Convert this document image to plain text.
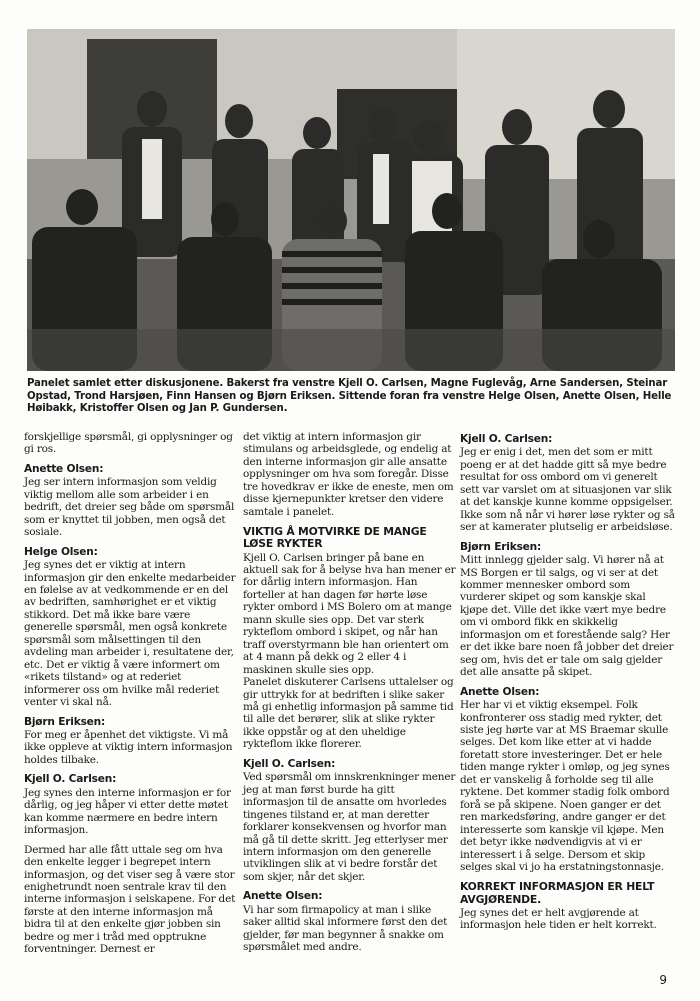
Panelet samlet etter diskusjonene. Bakerst fra venstre Kjell O. Carlsen, Magne Fuglevåg, Arne Sandersen, Steinar Opstad, Trond Harsjøen, Finn Hansen og Bjørn Eriksen. Sittende foran fra venstre Helge Olsen, Anette Olsen, Helle Høibakk, Kristoffer Olsen og Jan P. Gundersen.

forskjellige spørsmål, gi opplysninger og gi ros.

Anette Olsen:

Jeg ser intern informasjon som veldig viktig mellom alle som arbeider i en bedrift, det dreier seg både om spørsmål som er knyttet til jobben, men også det sosiale.

Helge Olsen:

Jeg synes det er viktig at intern informasjon gir den enkelte medarbeider en følelse av at vedkommende er en del av bedriften, samhørighet er et viktig stikkord. Det må ikke bare være generelle spørsmål, men også konkrete spørsmål som målsettingen til den avdeling man arbeider i, resultatene der, etc. Det er viktig å være informert om «rikets tilstand» og at rederiet informerer oss om hvilke mål rederiet venter vi skal nå.

Bjørn Eriksen:

For meg er åpenhet det viktigste. Vi må ikke oppleve at viktig intern informasjon holdes tilbake.

Kjell O. Carlsen:

Jeg synes den interne informasjon er for dårlig, og jeg håper vi etter dette møtet kan komme nærmere en bedre intern informasjon.

Dermed har alle fått uttale seg om hva den enkelte legger i begrepet intern informasjon, og det viser seg å være stor enighetrundt noen sentrale krav til den interne informasjon i selskapene. For det første at den interne informasjon må bidra til at den enkelte gjør jobben sin bedre og mer i tråd med opptrukne forventninger. Dernest er

det viktig at intern informasjon gir stimulans og arbeidsglede, og endelig at den interne informasjon gir alle ansatte opplysninger om hva som foregår. Disse tre hovedkrav er ikke de eneste, men om disse kjernepunkter kretser den videre samtale i panelet.

VIKTIG Å MOTVIRKE DE MANGE LØSE RYKTER

Kjell O. Carlsen bringer på bane en aktuell sak for å belyse hva han mener er for dårlig intern informasjon. Han forteller at han dagen før hørte løse rykter ombord i MS Bolero om at mange mann skulle sies opp. Det var sterk rykteflom ombord i skipet, og når han traff overstyrmann ble han orientert om at 4 mann på dekk og 2 eller 4 i maskinen skulle sies opp.

Panelet diskuterer Carlsens uttalelser og gir uttrykk for at bedriften i slike saker må gi enhetlig informasjon på samme tid til alle det berører, slik at slike rykter ikke oppstår og at den uheldige rykteflom ikke florerer.

Kjell O. Carlsen:

Ved spørsmål om innskrenkninger mener jeg at man først burde ha gitt informasjon til de ansatte om hvorledes tingenes tilstand er, at man deretter forklarer konsekvensen og hvorfor man må gå til dette skritt. Jeg etterlyser mer intern informasjon om den generelle utviklingen slik at vi bedre forstår det som skjer, når det skjer.

Anette Olsen:

Vi har som firmapolicy at man i slike saker alltid skal informere først den det gjelder, før man begynner å snakke om spørsmålet med andre.

Kjell O. Carlsen:

Jeg er enig i det, men det som er mitt poeng er at det hadde gitt så mye bedre resultat for oss ombord om vi generelt sett var varslet om at situasjonen var slik at det kanskje kunne komme oppsigelser. Ikke som nå når vi hører løse rykter og så ser at kamerater plutselig er arbeidsløse.

Bjørn Eriksen:

Mitt innlegg gjelder salg. Vi hører nå at MS Borgen er til salgs, og vi ser at det kommer mennesker ombord som vurderer skipet og som kanskje skal kjøpe det. Ville det ikke vært mye bedre om vi ombord fikk en skikkelig informasjon om et forestående salg? Her er det ikke bare noen få jobber det dreier seg om, hvis det er tale om salg gjelder det alle ansatte på skipet.

Anette Olsen:

Her har vi et viktig eksempel. Folk konfronterer oss stadig med rykter, det siste jeg hørte var at MS Braemar skulle selges. Det kom like etter at vi hadde foretatt store investeringer. Det er hele tiden mange rykter i omløp, og jeg synes det er vanskelig å forholde seg til alle ryktene. Det kommer stadig folk ombord forå se på skipene. Noen ganger er det ren markedsføring, andre ganger er det interesserte som kanskje vil kjøpe. Men det betyr ikke nødvendigvis at vi er interessert i å selge. Dersom et skip selges skal vi jo ha erstatningstonnasje.

KORREKT INFORMASJON ER HELT AVGJØRENDE.

Jeg synes det er helt avgjørende at informasjon hele tiden er helt korrekt.

9
